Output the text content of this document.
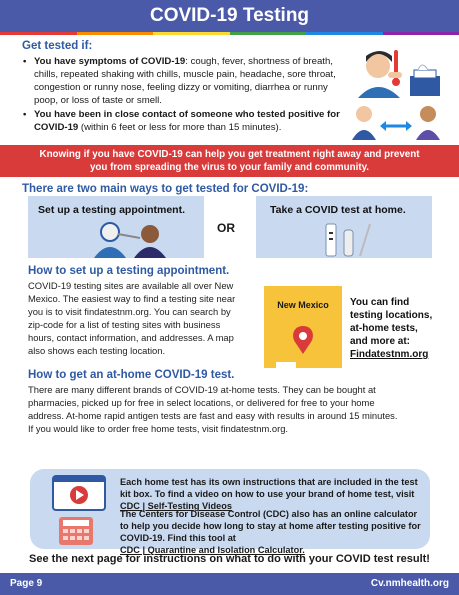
COVID-19 Testing
Get tested if:
• You have symptoms of COVID-19: cough, fever, shortness of breath, chills, repeated shaking with chills, muscle pain, headache, sore throat, congestion or runny nose, feeling dizzy or vomiting, diarrhea or runny poop, or loss of taste or smell.
• You have been in close contact of someone who tested positive for COVID-19 (within 6 feet or less for more than 15 minutes).
Knowing if you have COVID-19 can help you get treatment right away and prevent
you from spreading the virus to your family and community.
There are two main ways to get tested for COVID-19:
Set up a testing appointment.
OR
Take a COVID test at home.
How to set up a testing appointment.
COVID-19 testing sites are available all over New
Mexico. The easiest way to find a testing site near
you is to visit findatestnm.org. You can search by
zip-code for a list of testing sites with business
hours, contact information, and addresses. A map
also shows each testing location.
New Mexico	You can find
testing locations,
at-home tests,
and more at:
Findatestnm.org
How to get an at-home COVID-19 test.
There are many different brands of COVID-19 at-home tests. They can be bought at
pharmacies, picked up for free in select locations, or delivered for free to your home
address. At-home rapid antigen tests are fast and easy with results in around 15 minutes.
If you would like to order free home tests, visit findatestnm.org.
Each home test has its own instructions that are included in the test
kit box. To find a video on how to use your brand of home test, visit
CDC | Self-Testing Videos
The Centers for Disease Control (CDC) also has an online calculator
to help you decide how long to stay at home after testing positive for
COVID-19. Find this tool at
CDC | Quarantine and Isolation Calculator.
See the next page for instructions on what to do with your COVID test result!
Page 9	Cv.nmhealth.org
